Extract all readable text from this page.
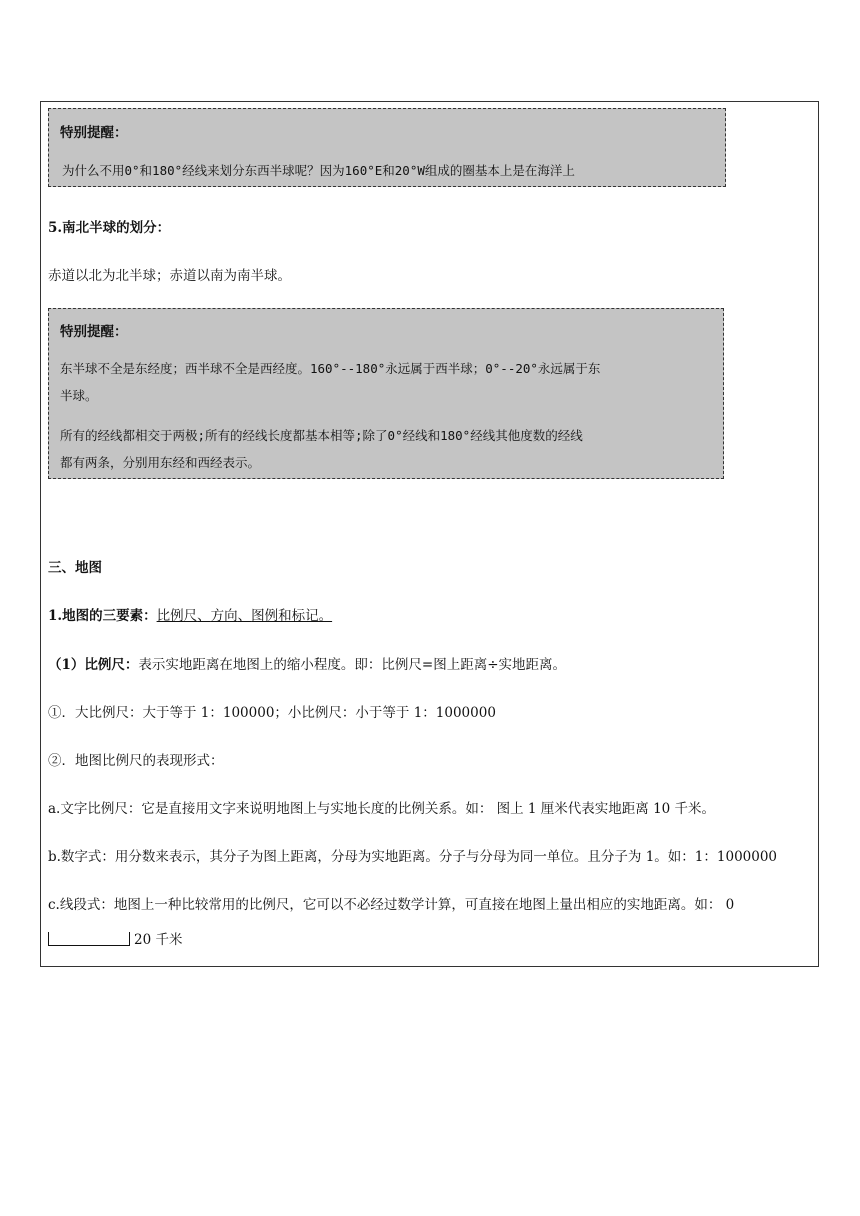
特别提醒：
为什么不用0°和180°经线来划分东西半球呢？因为160°E和20°W组成的圈基本上是在海洋上
5.南北半球的划分：
赤道以北为北半球；赤道以南为南半球。
特别提醒：
东半球不全是东经度；西半球不全是西经度。160°--180°永远属于西半球；0°--20°永远属于东
半球。
所有的经线都相交于两极;所有的经线长度都基本相等;除了0°经线和180°经线其他度数的经线
都有两条，分别用东经和西经表示。
三、地图
1.地图的三要素：比例尺、方向、图例和标记。
（1）比例尺：表示实地距离在地图上的缩小程度。即：比例尺=图上距离÷实地距离。
①．大比例尺：大于等于 1：100000；小比例尺：小于等于 1：1000000
②．地图比例尺的表现形式：
a.文字比例尺：它是直接用文字来说明地图上与实地长度的比例关系。如： 图上 1 厘米代表实地距离 10 千米。
b.数字式：用分数来表示，其分子为图上距离，分母为实地距离。分子与分母为同一单位。且分子为 1。如：1：1000000
c.线段式：地图上一种比较常用的比例尺，它可以不必经过数学计算，可直接在地图上量出相应的实地距离。如： 0
20 千米
